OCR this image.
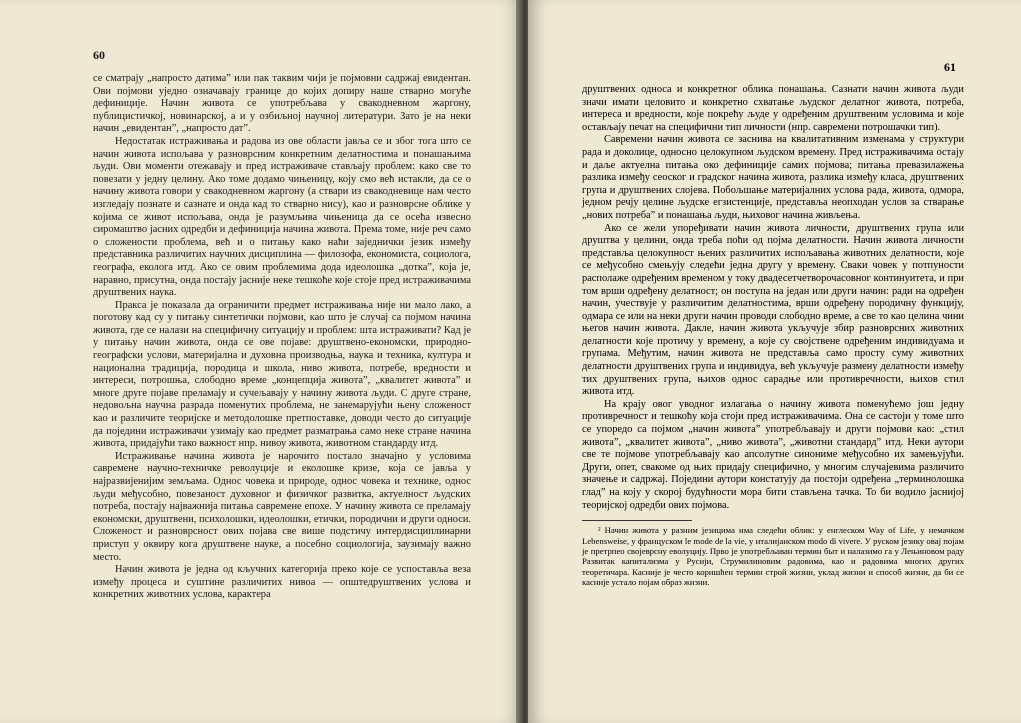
60

се сматрају „напросто датима” или пак таквим чији је појмовни садржај евидентан. Ови појмови уједно означавају границе до којих допиру наше стварно могуће дефиниције. Начин живота се употребљава у свакодневном жаргону, публицистичкој, новинарској, а и у озбиљној научној литератури. Зато је на неки начин „евидентан”, „напросто дат”.

Недостатак истраживања и радова из ове области јавља се и због тога што се начин живота испољава у разноврсним конкретним делатностима и понашањима људи. Ови моменти отежавају и пред истраживаче стављају проблем: како све то повезати у једну целину. Ако томе додамо чињеницу, коју смо већ истакли, да се о начину живота говори у свакодневном жаргону (а ствари из свакодневице нам често изгледају познате и сазнате и онда кад то стварно нису), као и разноврсне облике у којима се живот испољава, онда је разумљива чињеница да се осећа извесно сиромаштво јасних одредби и дефиниција начина живота. Према томе, није реч само о сложености проблема, већ и о питању како наћи заједнички језик између представника различитих научних дисциплина — филозофа, економиста, социолога, географа, еколога итд. Ако се овим проблемима дода идеолошка „дотка”, која је, наравно, присутна, онда постају јасније неке тешкоће које стоје пред истраживачима друштвених наука.

Пракса је показала да ограничити предмет истраживања није ни мало лако, а поготову кад су у питању синтетички појмови, као што је случај са појмом начина живота, где се налази на специфичну ситуацију и проблем: шта истраживати? Кад је у питању начин живота, онда се ове појаве: друштвено-економски, природно-географски услови, материјална и духовна производња, наука и техника, култура и национална традиција, породица и школа, ниво живота, потребе, вредности и интереси, потрошња, слободно време „концепција живота”, „квалитет живота” и многе друге појаве преламају и сучељавају у начину живота људи. С друге стране, недовољна научна разрада поменутих проблема, не занемарујући њену сложеност као и различите теоријске и методолошке претпоставке, доводи често до ситуације да поједини истраживачи узимају као предмет разматрања само неке стране начина живота, придајући тако важност нпр. нивоу живота, животном стандарду итд.

Истраживање начина живота је нарочито постало значајно у условима савремене научно-техничке револуције и еколошке кризе, која се јавља у најразвијенијим земљама. Однос човека и природе, однос човека и технике, однос људи међусобно, повезаност духовног и физичког развитка, актуелност људских потреба, постају најважнија питања савремене епохе. У начину живота се преламају економски, друштвени, психолошки, идеолошки, етички, породични и други односи. Сложеност и разноврсност ових појава све више подстичу интердисциплинарни приступ у оквиру кога друштвене науке, а посебно социологија, заузимају важно место.

Начин живота је једна од кључних категорија преко које се успоставља веза између процеса и суштине различитих нивоа — општедруштвених услова и конкретних животних услова, карактера

61

друштвених односа и конкретног облика понашања. Сазнати начин живота људи значи имати целовито и конкретно схватање људског делатног живота, потреба, интереса и вредности, које покрећу људе у одређеним друштвеним условима и које остављају печат на специфични тип личности (нпр. савремени потрошачки тип).

Савремени начин живота се заснива на квалитативним изменама у структури рада и доколице, односно целокупном људском времену. Пред истраживачима остају и даље актуелна питања око дефиниције самих појмова; питања превазилажења разлика између сеоског и градског начина живота, разлика између класа, друштвених група и друштвених слојева. Побољшање материјалних услова рада, живота, одмора, једном речју целине људске егзистенције, представља неопходан услов за стварање „нових потреба” и понашања људи, њиховог начина живљења.

Ако се жели упоређивати начин живота личности, друштвених група или друштва у целини, онда треба поћи од појма делатности. Начин живота личности представља целокупност њених различитих испољавања животних делатности, које се међусобно смењују следећи једна другу у времену. Сваки човек у потпуности располаже одређеним временом у току двадесетчетворочасовног континуитета, и при том врши одређену делатност; он поступа на један или други начин: ради на одређен начин, учествује у различитим делатностима, врши одређену породичну функцију, одмара се или на неки други начин проводи слободно време, а све то као целина чини његов начин живота. Дакле, начин живота укључује збир разноврсних животних делатности које протичу у времену, а које су својствене одређеним индивидуама и групама. Међутим, начин живота не представља само просту суму животних делатности друштвених група и индивидуа, већ укључује размену делатности између тих друштвених група, њихов однос сарадње или противречности, њихов стил живота итд.

На крају овог уводног излагања о начину живота поменућемо још једну противречност и тешкоћу која стоји пред истраживачима. Она се састоји у томе што се упоредо са појмом „начин живота” употребљавају и други појмови као: „стил живота”, „квалитет живота”, „ниво живота”, „животни стандард” итд. Неки аутори све те појмове употребљавају као апсолутне синониме међусобно их замењујући. Други, опет, свакоме од њих придају специфично, у многим случајевима различито значење и садржај. Поједини аутори констатују да постоји одређена „терминолошка глад” на коју у скорој будућности мора бити стављена тачка. То би водило јаснијој теоријској одредби ових појмова.

² Начин живота у разним језицима има следећи облик: у енглеском Way of Life, у немачком Lebensweise, у француском le mode de la vie, у италијанском modo di vivere. У руском језику овај појам је претрпео својеврсну еволуцију. Прво је употребљаван термин быт и налазимо га у Лењиновом раду Развитак капитализма у Русији, Струмилиновим радовима, као и радовима многих других теоретичара. Касније је често коришћен термин строй жизни, уклад жизни и способ жизни, да би се касније устало појам образ жизни.
